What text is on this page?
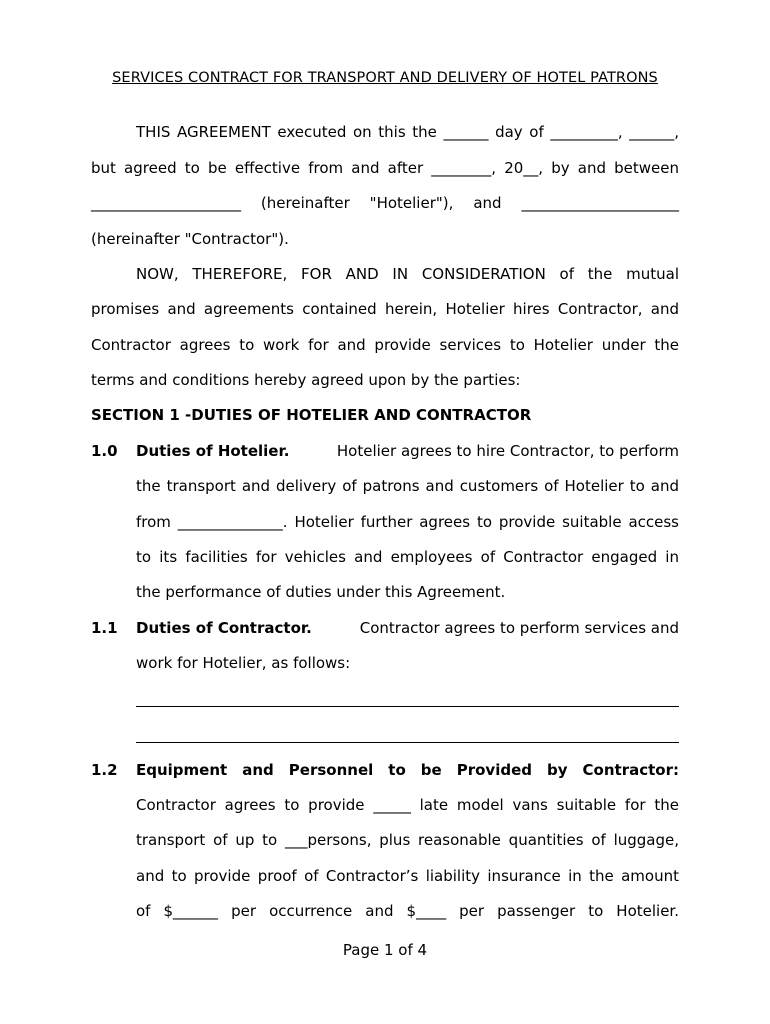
SERVICES CONTRACT FOR TRANSPORT AND DELIVERY OF HOTEL PATRONS
THIS AGREEMENT executed on this the ______ day of _________, ______,
but agreed to be effective from and after ________, 20__, by and between
____________________ (hereinafter "Hotelier"), and _____________________
(hereinafter "Contractor").
NOW, THEREFORE, FOR AND IN CONSIDERATION of the mutual
promises and agreements contained herein, Hotelier hires Contractor, and
Contractor agrees to work for and provide services to Hotelier under the
terms and conditions hereby agreed upon by the parties:
SECTION 1 -DUTIES OF HOTELIER AND CONTRACTOR
1.0 Duties of Hotelier.	Hotelier agrees to hire Contractor, to perform
the transport and delivery of patrons and customers of Hotelier to and
from ______________. Hotelier further agrees to provide suitable access
to its facilities for vehicles and employees of Contractor engaged in
the performance of duties under this Agreement.
1.1 Duties of Contractor.	Contractor agrees to perform services and
work for Hotelier, as follows:
1.2 Equipment and Personnel to be Provided by Contractor:
Contractor agrees to provide _____ late model vans suitable for the
transport of up to ___persons, plus reasonable quantities of luggage,
and to provide proof of Contractor’s liability insurance in the amount
of $______ per occurrence and $____ per passenger to Hotelier.
Page 1 of 4
